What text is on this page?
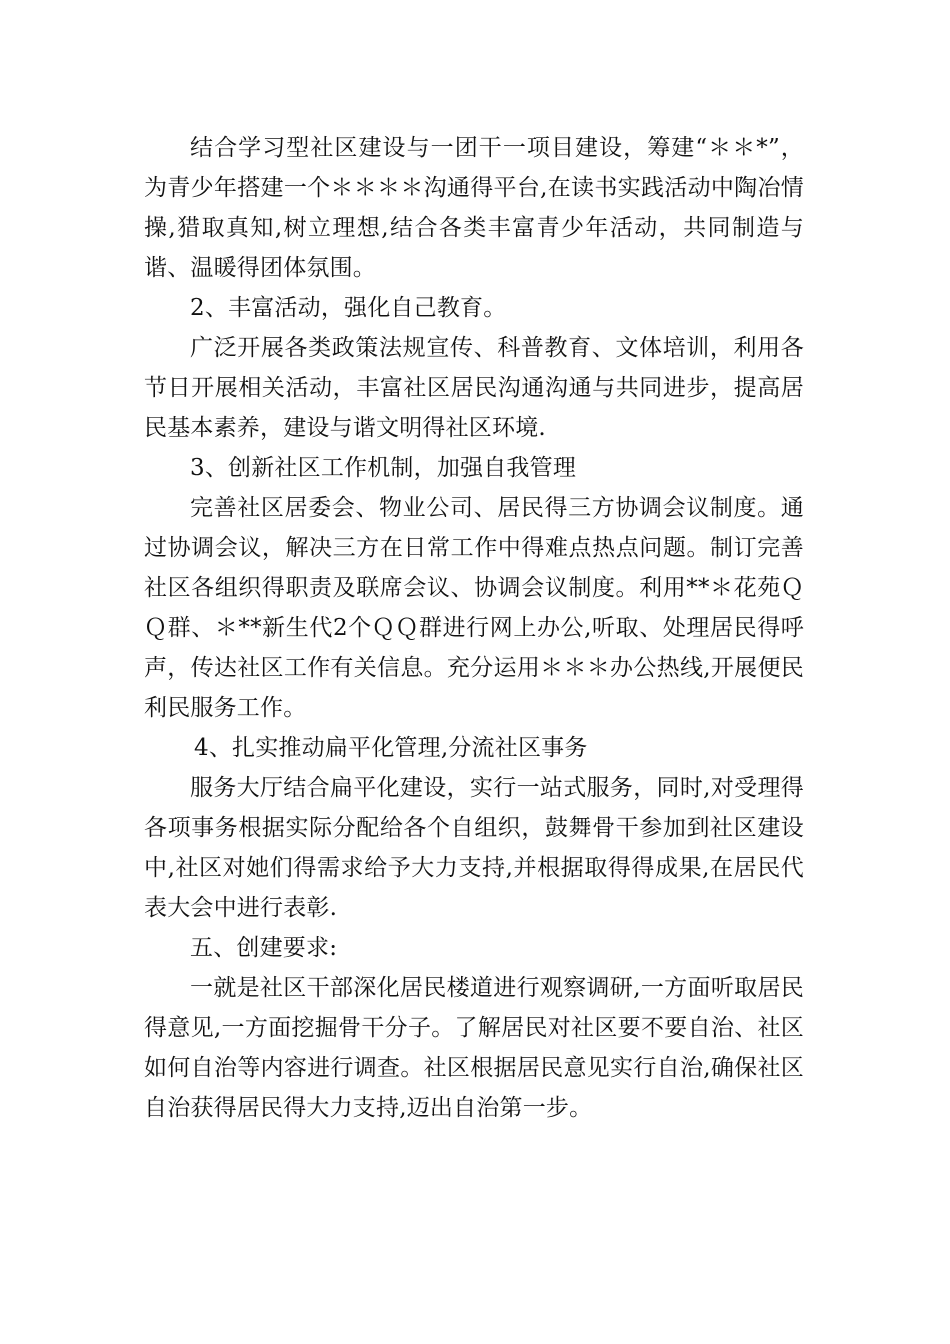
结合学习型社区建设与一团干一项目建设，筹建“＊＊*”， 为青少年搭建一个＊＊＊＊沟通得平台,在读书实践活动中陶冶情操,猎取真知,树立理想,结合各类丰富青少年活动，共同制造与谐、温暖得团体氛围。

2、丰富活动，强化自己教育。

广泛开展各类政策法规宣传、科普教育、文体培训，利用各节日开展相关活动，丰富社区居民沟通沟通与共同进步，提高居民基本素养，建设与谐文明得社区环境.

3、创新社区工作机制，加强自我管理

完善社区居委会、物业公司、居民得三方协调会议制度。通过协调会议，解决三方在日常工作中得难点热点问题。制订完善社区各组织得职责及联席会议、协调会议制度。利用**＊花苑ＱＱ群、＊**新生代2个ＱＱ群进行网上办公,听取、处理居民得呼声，传达社区工作有关信息。充分运用＊＊＊办公热线,开展便民利民服务工作。

4、扎实推动扁平化管理,分流社区事务

服务大厅结合扁平化建设，实行一站式服务，同时,对受理得各项事务根据实际分配给各个自组织，鼓舞骨干参加到社区建设中,社区对她们得需求给予大力支持,并根据取得得成果,在居民代表大会中进行表彰.

五、创建要求:

一就是社区干部深化居民楼道进行观察调研,一方面听取居民得意见,一方面挖掘骨干分子。了解居民对社区要不要自治、社区如何自治等内容进行调查。社区根据居民意见实行自治,确保社区自治获得居民得大力支持,迈出自治第一步。
